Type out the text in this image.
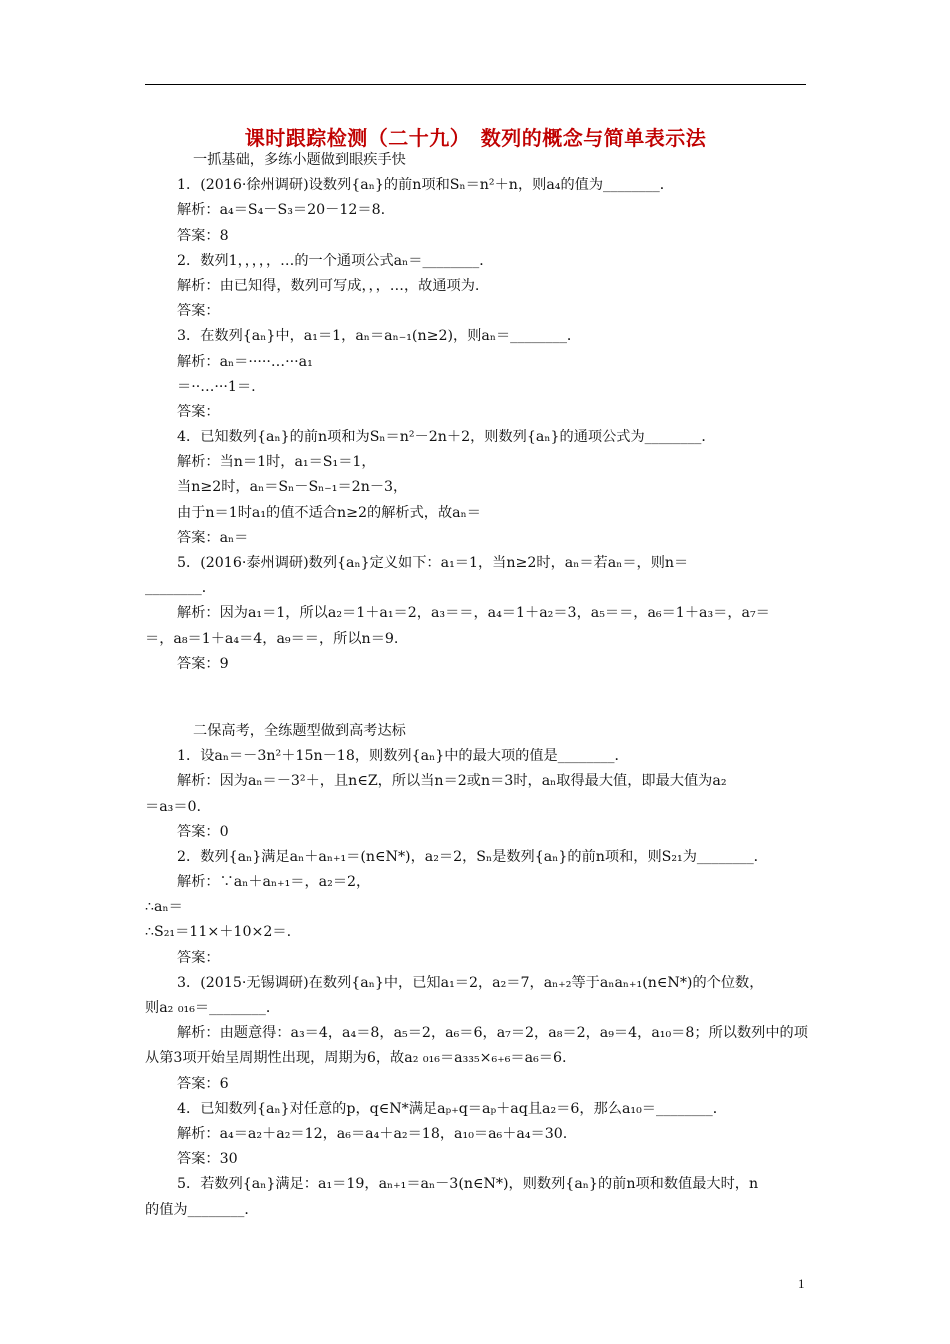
课时跟踪检测（二十九）　数列的概念与简单表示法
一抓基础，多练小题做到眼疾手快
1．(2016·徐州调研)设数列{aₙ}的前n项和Sₙ＝n²＋n，则a₄的值为________．
解析：a₄＝S₄－S₃＝20－12＝8.
答案：8
2．数列1，，，，，…的一个通项公式aₙ＝________．
解析：由已知得，数列可写成，，，…，故通项为.
答案：
3．在数列{aₙ}中，a₁＝1，aₙ＝aₙ₋₁(n≥2)，则aₙ＝________．
解析：aₙ＝·····…···a₁
＝··…···1＝.
答案：
4．已知数列{aₙ}的前n项和为Sₙ＝n²－2n＋2，则数列{aₙ}的通项公式为________．
解析：当n＝1时，a₁＝S₁＝1，
当n≥2时，aₙ＝Sₙ－Sₙ₋₁＝2n－3，
由于n＝1时a₁的值不适合n≥2的解析式，故aₙ＝
答案：aₙ＝
5．(2016·泰州调研)数列{aₙ}定义如下：a₁＝1，当n≥2时，aₙ＝若aₙ＝，则n＝
________．
解析：因为a₁＝1，所以a₂＝1＋a₁＝2，a₃＝＝，a₄＝1＋a₂＝3，a₅＝＝，a₆＝1＋a₃＝，a₇＝
＝，a₈＝1＋a₄＝4，a₉＝＝，所以n＝9.
答案：9
二保高考，全练题型做到高考达标
1．设aₙ＝－3n²＋15n－18，则数列{aₙ}中的最大项的值是________．
解析：因为aₙ＝－3²＋，且n∈Z，所以当n＝2或n＝3时，aₙ取得最大值，即最大值为a₂
＝a₃＝0.
答案：0
2．数列{aₙ}满足aₙ＋aₙ₊₁＝(n∈N*)，a₂＝2，Sₙ是数列{aₙ}的前n项和，则S₂₁为________．
解析：∵aₙ＋aₙ₊₁＝，a₂＝2，
∴aₙ＝
∴S₂₁＝11×＋10×2＝.
答案：
3．(2015·无锡调研)在数列{aₙ}中，已知a₁＝2，a₂＝7，aₙ₊₂等于aₙaₙ₊₁(n∈N*)的个位数，
则a₂ ₀₁₆＝________．
解析：由题意得：a₃＝4，a₄＝8，a₅＝2，a₆＝6，a₇＝2，a₈＝2，a₉＝4，a₁₀＝8；所以数列中的项
从第3项开始呈周期性出现，周期为6，故a₂ ₀₁₆＝a₃₃₅×₆₊₆＝a₆＝6.
答案：6
4．已知数列{aₙ}对任意的p，q∈N*满足aₚ₊q＝aₚ＋aq且a₂＝6，那么a₁₀＝________．
解析：a₄＝a₂＋a₂＝12，a₆＝a₄＋a₂＝18，a₁₀＝a₆＋a₄＝30.
答案：30
5．若数列{aₙ}满足：a₁＝19，aₙ₊₁＝aₙ－3(n∈N*)，则数列{aₙ}的前n项和数值最大时，n
的值为________．
1
